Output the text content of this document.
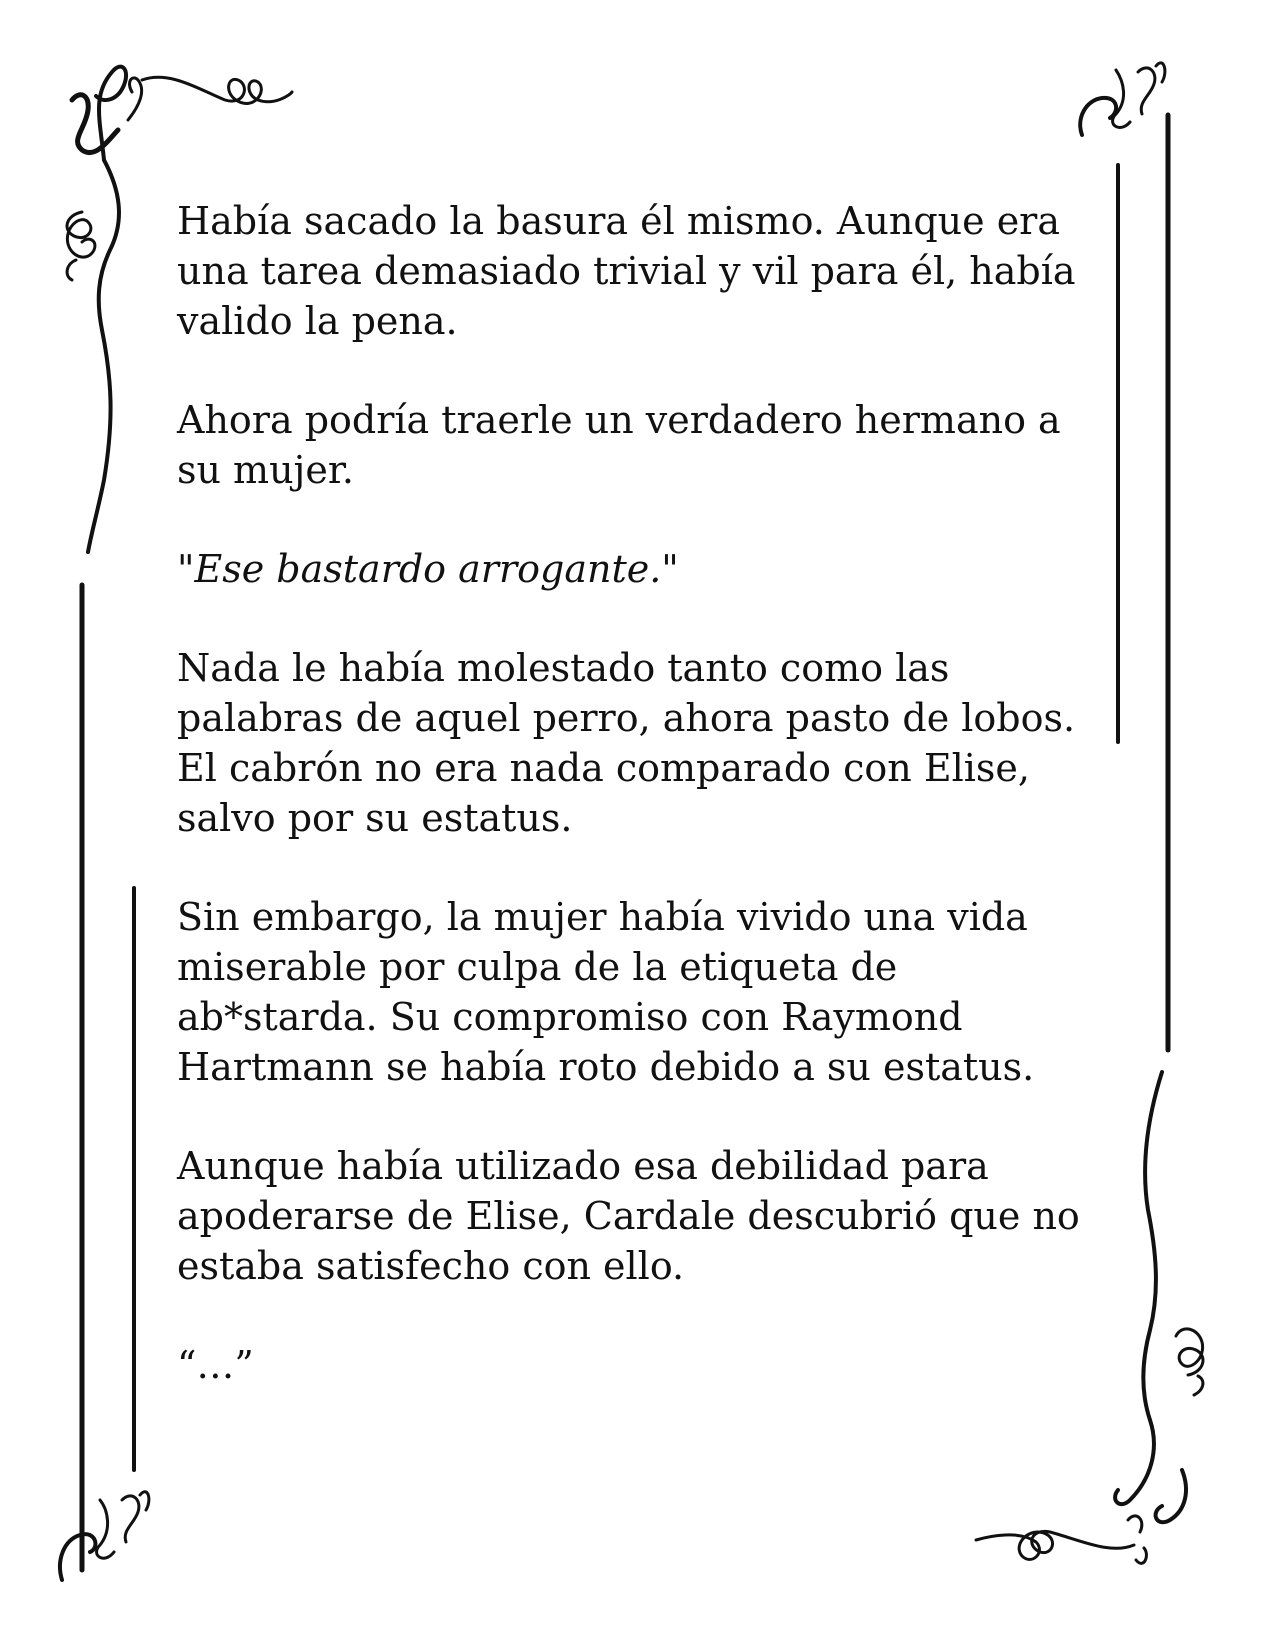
Había sacado la basura él mismo. Aunque era
una tarea demasiado trivial y vil para él, había
valido la pena.

Ahora podría traerle un verdadero hermano a
su mujer.

"Ese bastardo arrogante."

Nada le había molestado tanto como las
palabras de aquel perro, ahora pasto de lobos.
El cabrón no era nada comparado con Elise,
salvo por su estatus.

Sin embargo, la mujer había vivido una vida
miserable por culpa de la etiqueta de
ab*starda. Su compromiso con Raymond
Hartmann se había roto debido a su estatus.

Aunque había utilizado esa debilidad para
apoderarse de Elise, Cardale descubrió que no
estaba satisfecho con ello.

“…”
